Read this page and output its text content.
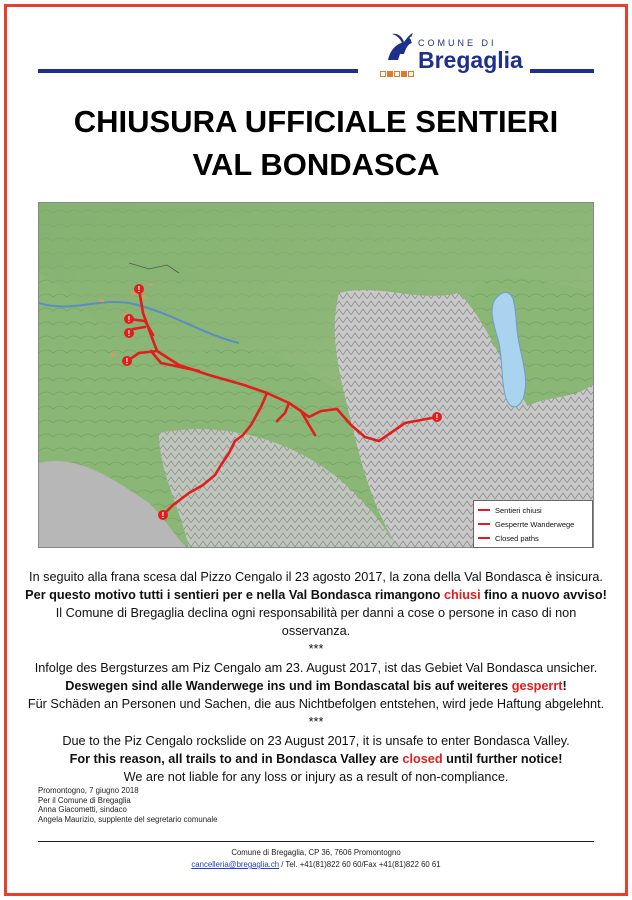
COMUNE DI
Bregaglia
CHIUSURA UFFICIALE SENTIERI
VAL BONDASCA
!
!
!
!
!
!
Sentieri chiusi
Gesperrte Wanderwege
Closed paths

In seguito alla frana scesa dal Pizzo Cengalo il 23 agosto 2017, la zona della Val Bondasca è insicura.

Per questo motivo tutti i sentieri per e nella Val Bondasca rimangono chiusi fino a nuovo avviso!

Il Comune di Bregaglia declina ogni responsabilità per danni a cose o persone in caso di non osservanza.

***

Infolge des Bergsturzes am Piz Cengalo am 23. August 2017, ist das Gebiet Val Bondasca unsicher.

Deswegen sind alle Wanderwege ins und im Bondascatal bis auf weiteres gesperrt!

Für Schäden an Personen und Sachen, die aus Nichtbefolgen entstehen, wird jede Haftung abgelehnt.

***

Due to the Piz Cengalo rockslide on 23 August 2017, it is unsafe to enter Bondasca Valley.

For this reason, all trails to and in Bondasca Valley are closed until further notice!

We are not liable for any loss or injury as a result of non-compliance.

Promontogno, 7 giugno 2018
Per il Comune di Bregaglia
Anna Giacometti, sindaco
Angela Maurizio, supplente del segretario comunale
Comune di Bregaglia, CP 36, 7606 Promontogno
cancelleria@bregaglia.ch / Tel. +41(81)822 60 60/Fax +41(81)822 60 61
